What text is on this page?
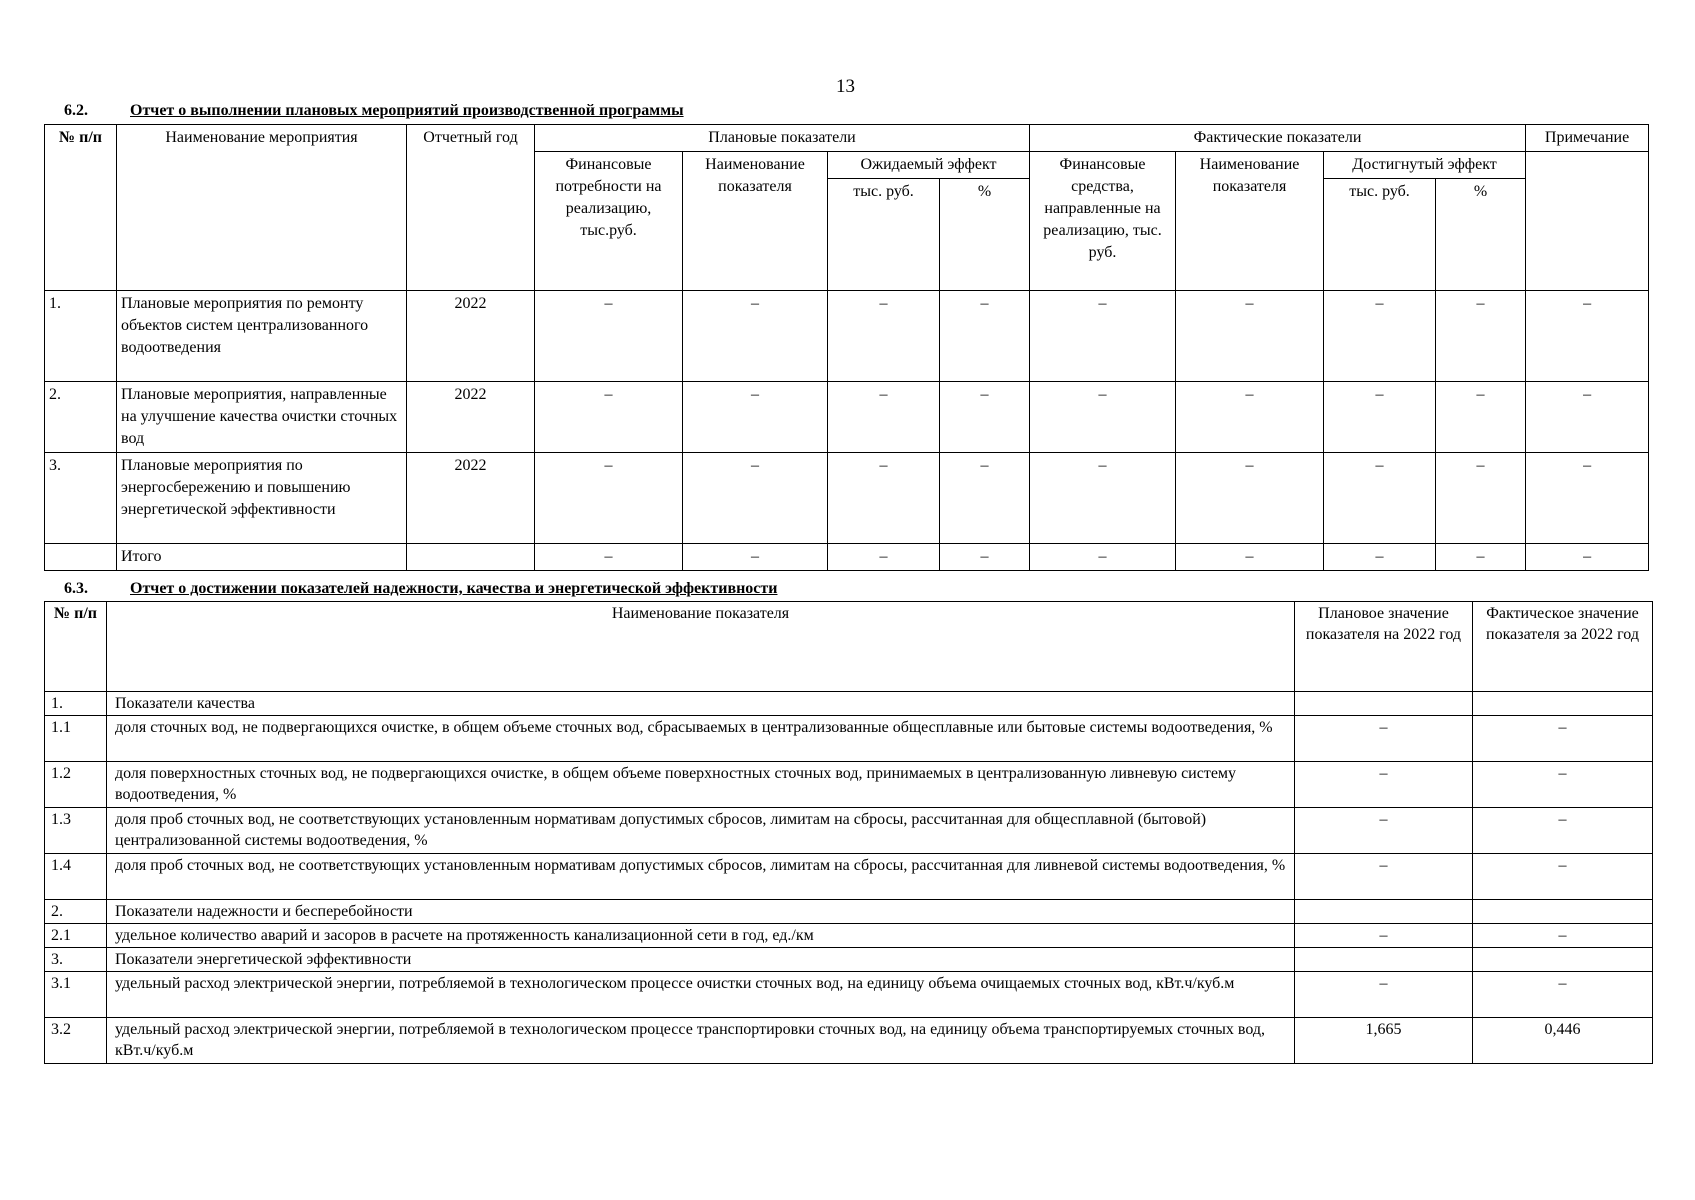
13
6.2.	Отчет о выполнении плановых мероприятий производственной программы
№ п/п	Наименование мероприятия	Отчетный год	Плановые показатели				Фактические показатели				Примечание
			Финансовые потребности на реализацию, тыс.руб.	Наименование показателя	Ожидаемый эффект		Финансовые средства, направленные на реализацию, тыс. руб.	Наименование показателя	Достигнутый эффект		
					тыс. руб.	%			тыс. руб.	%	
1.	Плановые мероприятия по ремонту объектов систем централизованного водоотведения	2022	–	–	–	–	–	–	–	–	–
2.	Плановые мероприятия, направленные на улучшение качества очистки сточных вод	2022	–	–	–	–	–	–	–	–	–
3.	Плановые мероприятия по энергосбережению и повышению энергетической эффективности	2022	–	–	–	–	–	–	–	–	–
	Итого		–	–	–	–	–	–	–	–	–
6.3.	Отчет о достижении показателей надежности, качества и энергетической эффективности
№ п/п	Наименование показателя	Плановое значение показателя на 2022 год	Фактическое значение показателя за 2022 год
1.	Показатели качества		
1.1	доля сточных вод, не подвергающихся очистке, в общем объеме сточных вод, сбрасываемых в централизованные общесплавные или бытовые системы водоотведения, %	–	–
1.2	доля поверхностных сточных вод, не подвергающихся очистке, в общем объеме поверхностных сточных вод, принимаемых в централизованную ливневую систему водоотведения, %	–	–
1.3	доля проб сточных вод, не соответствующих установленным нормативам допустимых сбросов, лимитам на сбросы, рассчитанная для общесплавной (бытовой) централизованной системы водоотведения, %	–	–
1.4	доля проб сточных вод, не соответствующих установленным нормативам допустимых сбросов, лимитам на сбросы, рассчитанная для ливневой системы водоотведения, %	–	–
2.	Показатели надежности и бесперебойности		
2.1	удельное количество аварий и засоров в расчете на протяженность канализационной сети в год, ед./км	–	–
3.	Показатели энергетической эффективности		
3.1	удельный расход электрической энергии, потребляемой в технологическом процессе очистки сточных вод, на единицу объема очищаемых сточных вод, кВт.ч/куб.м	–	–
3.2	удельный расход электрической энергии, потребляемой в технологическом процессе транспортировки сточных вод, на единицу объема транспортируемых сточных вод, кВт.ч/куб.м	1,665	0,446
